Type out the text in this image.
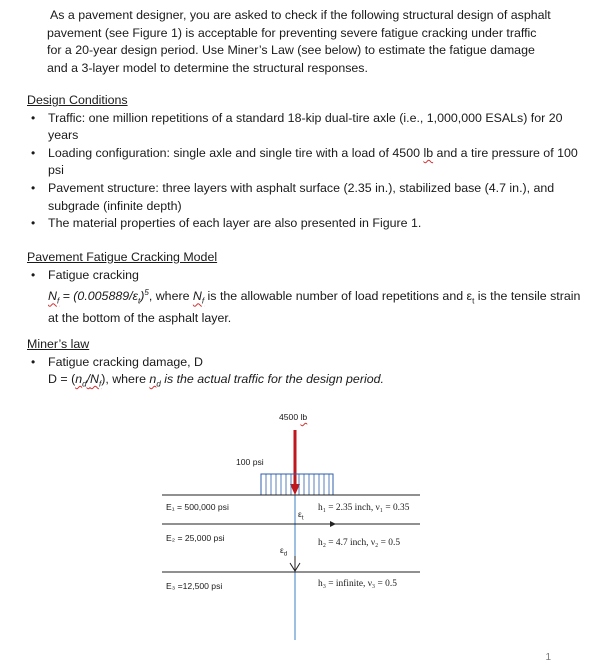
As a pavement designer, you are asked to check if the following structural design of asphalt pavement (see Figure 1) is acceptable for preventing severe fatigue cracking under traffic for a 20-year design period. Use Miner’s Law (see below) to estimate the fatigue damage and a 3-layer model to determine the structural responses.
Design Conditions
• Traffic: one million repetitions of a standard 18-kip dual-tire axle (i.e., 1,000,000 ESALs) for 20 years
• Loading configuration: single axle and single tire with a load of 4500 lb and a tire pressure of 100 psi
• Pavement structure: three layers with asphalt surface (2.35 in.), stabilized base (4.7 in.), and subgrade (infinite depth)
• The material properties of each layer are also presented in Figure 1.
Pavement Fatigue Cracking Model
• Fatigue cracking
$N_f = (0.005889/\varepsilon_t)^5$, where $N_f$ is the allowable number of load repetitions and $\varepsilon_t$ is the tensile strain at the bottom of the asphalt layer.
Miner’s law
• Fatigue cracking damage, D
$D = (n_d/N_f)$, where $n_d$ is the actual traffic for the design period.
4500 lb
100 psi
E₁ = 500,000 psi	h₁ = 2.35 inch, ν₁ = 0.35
E₂ = 25,000 psi	h₂ = 4.7 inch, ν₂ = 0.5
E₃ =12,500 psi	h₃ = infinite, ν₃ = 0.5
$\varepsilon_t$
$\varepsilon_d$
1
